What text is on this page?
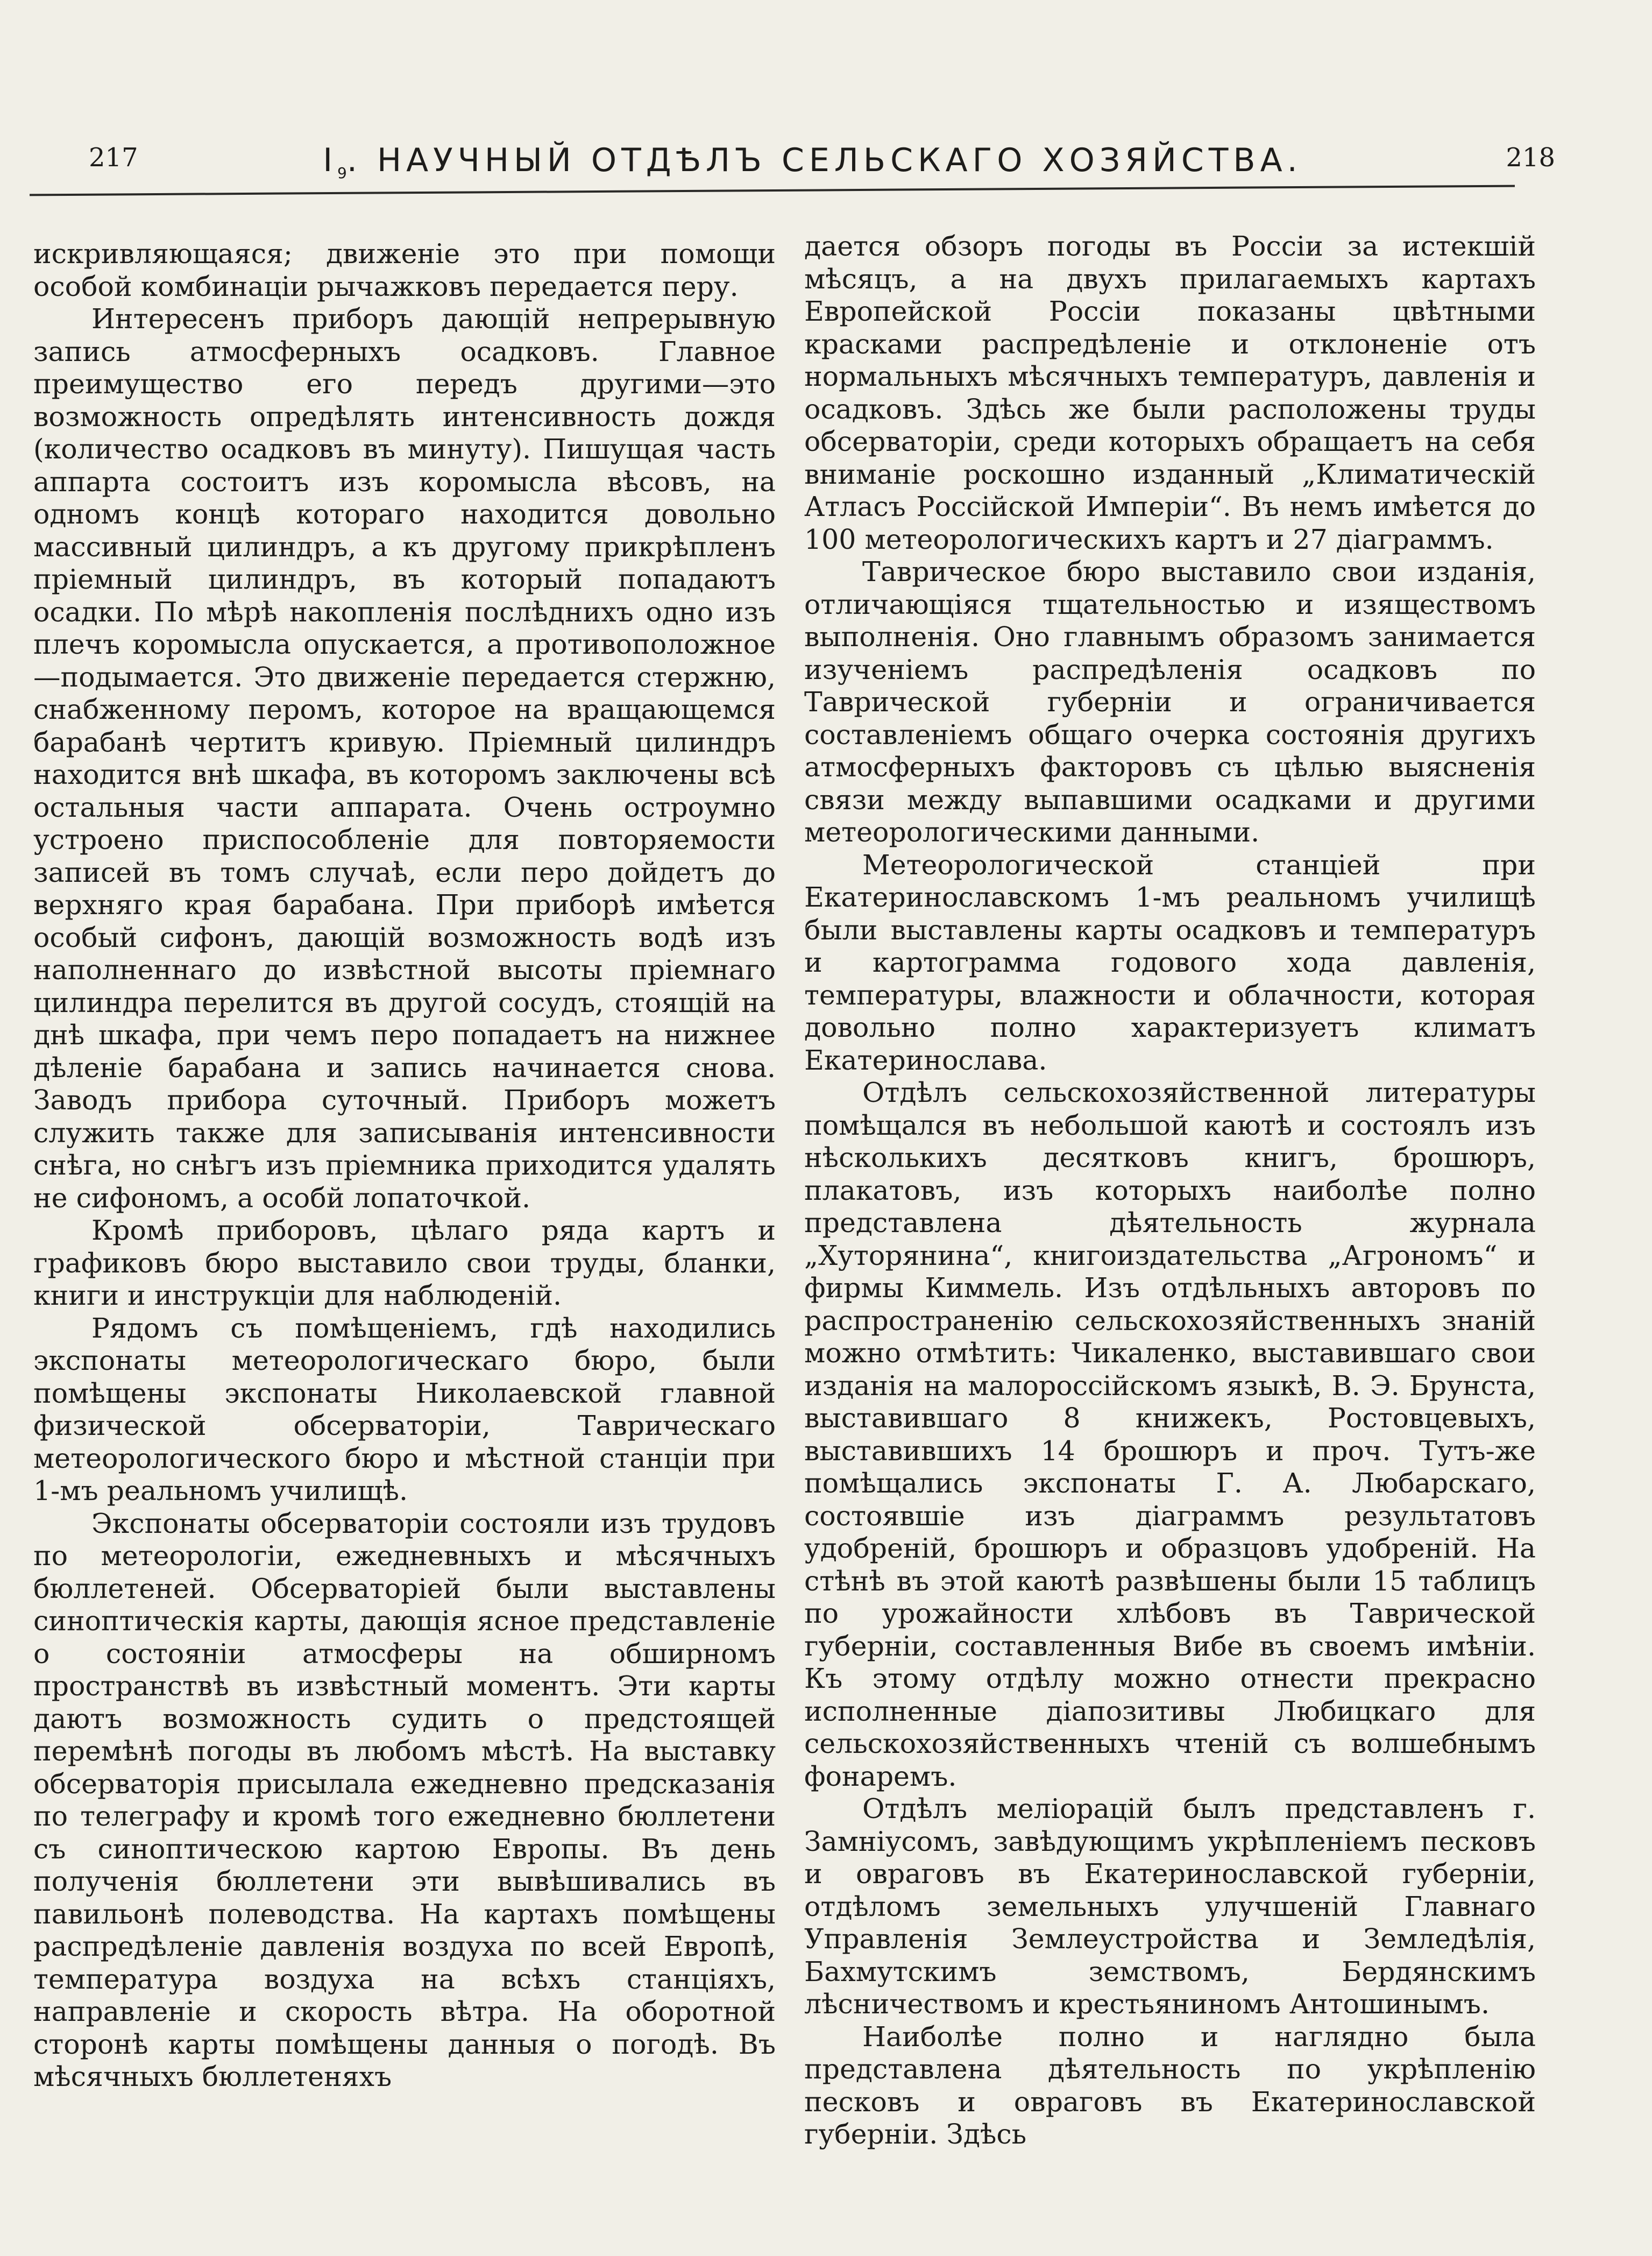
217	$I_9$. НАУЧНЫЙ ОТДѢЛЪ СЕЛЬСКАГО ХОЗЯЙСТВА.	218

искривляющаяся; движенiе это при помощи особой комбинацiи рычажковъ передается перу.

Интересенъ приборъ дающiй непрерывную запись атмосферныхъ осадковъ. Главное преимущество его передъ другими—это возможность опредѣлять интенсивность дождя (количество осадковъ въ минуту). Пишущая часть аппарта состоитъ изъ коромысла вѣсовъ, на одномъ концѣ котораго находится довольно массивный цилиндръ, а къ другому прикрѣпленъ прiемный цилиндръ, въ который попадаютъ осадки. По мѣрѣ накопленiя послѣднихъ одно изъ плечъ коромысла опускается, а противоположное—подымается. Это движенiе передается стержню, снабженному перомъ, которое на вращающемся барабанѣ чертитъ кривую. Прiемный цилиндръ находится внѣ шкафа, въ которомъ заключены всѣ остальныя части аппарата. Очень остроумно устроено приспособленiе для повторяемости записей въ томъ случаѣ, если перо дойдетъ до верхняго края барабана. При приборѣ имѣется особый сифонъ, дающiй возможность водѣ изъ наполненнаго до извѣстной высоты прiемнаго цилиндра перелится въ другой сосудъ, стоящiй на днѣ шкафа, при чемъ перо попадаетъ на нижнее дѣленiе барабана и запись начинается снова. Заводъ прибора суточный. Приборъ можетъ служить также для записыванiя интенсивности снѣга, но снѣгъ изъ прiемника приходится удалять не сифономъ, а особй лопаточкой.

Кромѣ приборовъ, цѣлаго ряда картъ и графиковъ бюро выставило свои труды, бланки, книги и инструкцiи для наблюденiй.

Рядомъ съ помѣщенiемъ, гдѣ находились экспонаты метеорологическаго бюро, были помѣщены экспонаты Николаевской главной физической обсерваторiи, Таврическаго метеорологического бюро и мѣстной станцiи при 1-мъ реальномъ училищѣ.

Экспонаты обсерваторiи состояли изъ трудовъ по метеорологiи, ежедневныхъ и мѣсячныхъ бюллетеней. Обсерваторiей были выставлены синоптическiя карты, дающiя ясное представленiе о состоянiи атмосферы на обширномъ пространствѣ въ извѣстный моментъ. Эти карты даютъ возможность судить о предстоящей перемѣнѣ погоды въ любомъ мѣстѣ. На выставку обсерваторiя присылала ежедневно предсказанiя по телеграфу и кромѣ того ежедневно бюллетени съ синоптическою картою Европы. Въ день полученiя бюллетени эти вывѣшивались въ павильонѣ полеводства. На картахъ помѣщены распредѣленiе давленiя воздуха по всей Европѣ, температура воздуха на всѣхъ станцiяхъ, направленiе и скорость вѣтра. На оборотной сторонѣ карты помѣщены данныя о погодѣ. Въ мѣсячныхъ бюллетеняхъ

дается обзоръ погоды въ Россiи за истекшiй мѣсяцъ, а на двухъ прилагаемыхъ картахъ Европейской Россiи показаны цвѣтными красками распредѣленiе и отклоненiе отъ нормальныхъ мѣсячныхъ температуръ, давленiя и осадковъ. Здѣсь же были расположены труды обсерваторiи, среди которыхъ обращаетъ на себя вниманiе роскошно изданный „Климатическiй Атласъ Россiйской Имперiи“. Въ немъ имѣется до 100 метеорологическихъ картъ и 27 дiаграммъ.

Таврическое бюро выставило свои изданiя, отличающiяся тщательностью и изяществомъ выполненiя. Оно главнымъ образомъ занимается изученiемъ распредѣленiя осадковъ по Таврической губернiи и ограничивается составленiемъ общаго очерка состоянiя другихъ атмосферныхъ факторовъ съ цѣлью выясненiя связи между выпавшими осадками и другими метеорологическими данными.

Метеорологической станцiей при Екатеринославскомъ 1-мъ реальномъ училищѣ были выставлены карты осадковъ и температуръ и картограмма годового хода давленiя, температуры, влажности и облачности, которая довольно полно характеризуетъ климатъ Екатеринослава.

Отдѣлъ сельскохозяйственной литературы помѣщался въ небольшой каютѣ и состоялъ изъ нѣсколькихъ десятковъ книгъ, брошюръ, плакатовъ, изъ которыхъ наиболѣе полно представлена дѣятельность журнала „Хуторянина“, книгоиздательства „Агрономъ“ и фирмы Киммель. Изъ отдѣльныхъ авторовъ по распространенiю сельскохозяйственныхъ знанiй можно отмѣтить: Чикаленко, выставившаго свои изданiя на малороссiйскомъ языкѣ, В. Э. Брунста, выставившаго 8 книжекъ, Ростовцевыхъ, выставившихъ 14 брошюръ и проч. Тутъ-же помѣщались экспонаты Г. А. Любарскаго, состоявшiе изъ дiаграммъ результатовъ удобренiй, брошюръ и образцовъ удобренiй. На стѣнѣ въ этой каютѣ развѣшены были 15 таблицъ по урожайности хлѣбовъ въ Таврической губернiи, составленныя Вибе въ своемъ имѣнiи. Къ этому отдѣлу можно отнести прекрасно исполненные дiапозитивы Любицкаго для сельскохозяйственныхъ чтенiй съ волшебнымъ фонаремъ.

Отдѣлъ мелiорацiй былъ представленъ г. Замнiусомъ, завѣдующимъ укрѣпленiемъ песковъ и овраговъ въ Екатеринославской губернiи, отдѣломъ земельныхъ улучшенiй Главнаго Управленiя Землеустройства и Земледѣлiя, Бахмутскимъ земствомъ, Бердянскимъ лѣсничествомъ и крестьяниномъ Антошинымъ.

Наиболѣе полно и наглядно была представлена дѣятельность по укрѣпленiю песковъ и овраговъ въ Екатеринославской губернiи. Здѣсь
